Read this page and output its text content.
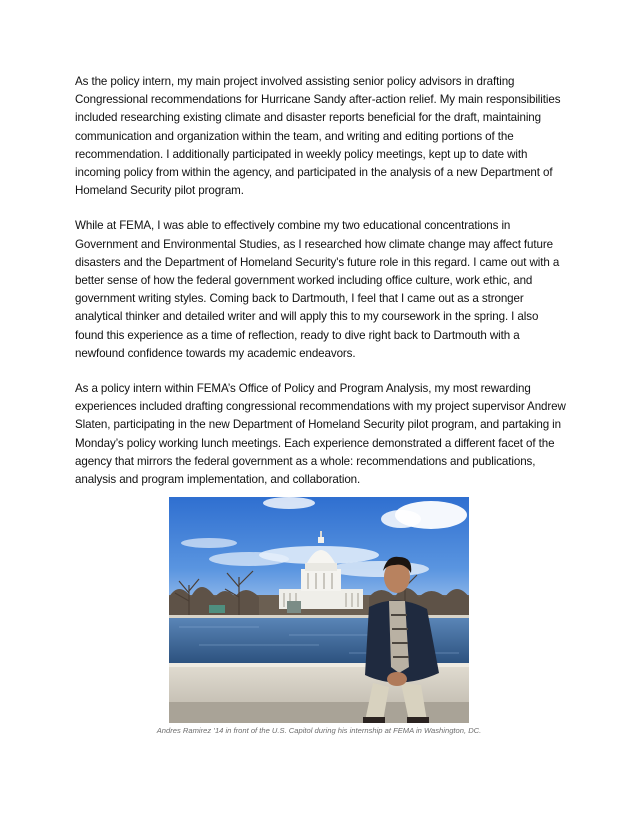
As the policy intern, my main project involved assisting senior policy advisors in drafting Congressional recommendations for Hurricane Sandy after-action relief. My main responsibilities included researching existing climate and disaster reports beneficial for the draft, maintaining communication and organization within the team, and writing and editing portions of the recommendation. I additionally participated in weekly policy meetings, kept up to date with incoming policy from within the agency, and participated in the analysis of a new Department of Homeland Security pilot program.

While at FEMA, I was able to effectively combine my two educational concentrations in Government and Environmental Studies, as I researched how climate change may affect future disasters and the Department of Homeland Security's future role in this regard. I came out with a better sense of how the federal government worked including office culture, work ethic, and government writing styles. Coming back to Dartmouth, I feel that I came out as a stronger analytical thinker and detailed writer and will apply this to my coursework in the spring. I also found this experience as a time of reflection, ready to dive right back to Dartmouth with a newfound confidence towards my academic endeavors.

As a policy intern within FEMA’s Office of Policy and Program Analysis, my most rewarding experiences included drafting congressional recommendations with my project supervisor Andrew Slaten, participating in the new Department of Homeland Security pilot program, and partaking in Monday’s policy working lunch meetings. Each experience demonstrated a different facet of the agency that mirrors the federal government as a whole: recommendations and publications, analysis and program implementation, and collaboration.

Andres Ramirez ’14 in front of the U.S. Capitol during his internship at FEMA in Washington, DC.
